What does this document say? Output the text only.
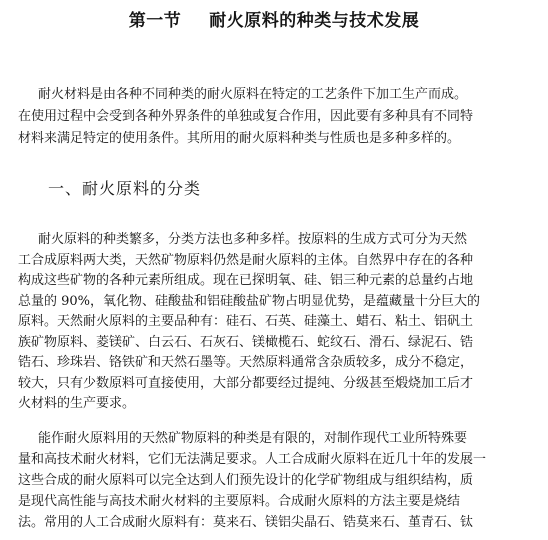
第一节 耐火原料的种类与技术发展

耐火材料是由各种不同种类的耐火原料在特定的工艺条件下加工生产而成。
在使用过程中会受到各种外界条件的单独或复合作用，因此要有多种具有不同特
材料来满足特定的使用条件。其所用的耐火原料种类与性质也是多种多样的。

一、耐火原料的分类

耐火原料的种类繁多，分类方法也多种多样。按原料的生成方式可分为天然
工合成原料两大类，天然矿物原料仍然是耐火原料的主体。自然界中存在的各种
构成这些矿物的各种元素所组成。现在已探明氧、硅、铝三种元素的总量约占地
总量的 90%，氧化物、硅酸盐和铝硅酸盐矿物占明显优势，是蕴藏量十分巨大的
原料。天然耐火原料的主要品种有：硅石、石英、硅藻土、蜡石、粘土、铝矾土
族矿物原料、菱镁矿、白云石、石灰石、镁橄榄石、蛇纹石、滑石、绿泥石、锆
锆石、珍珠岩、铬铁矿和天然石墨等。天然原料通常含杂质较多，成分不稳定，
较大，只有少数原料可直接使用，大部分都要经过提纯、分级甚至煅烧加工后才
火材料的生产要求。

能作耐火原料用的天然矿物原料的种类是有限的，对制作现代工业所特殊要
量和高技术耐火材料，它们无法满足要求。人工合成耐火原料在近几十年的发展一
这些合成的耐火原料可以完全达到人们预先设计的化学矿物组成与组织结构，质
是现代高性能与高技术耐火材料的主要原料。合成耐火原料的方法主要是烧结
法。常用的人工合成耐火原料有：莫来石、镁铝尖晶石、锆莫来石、堇青石、钛
